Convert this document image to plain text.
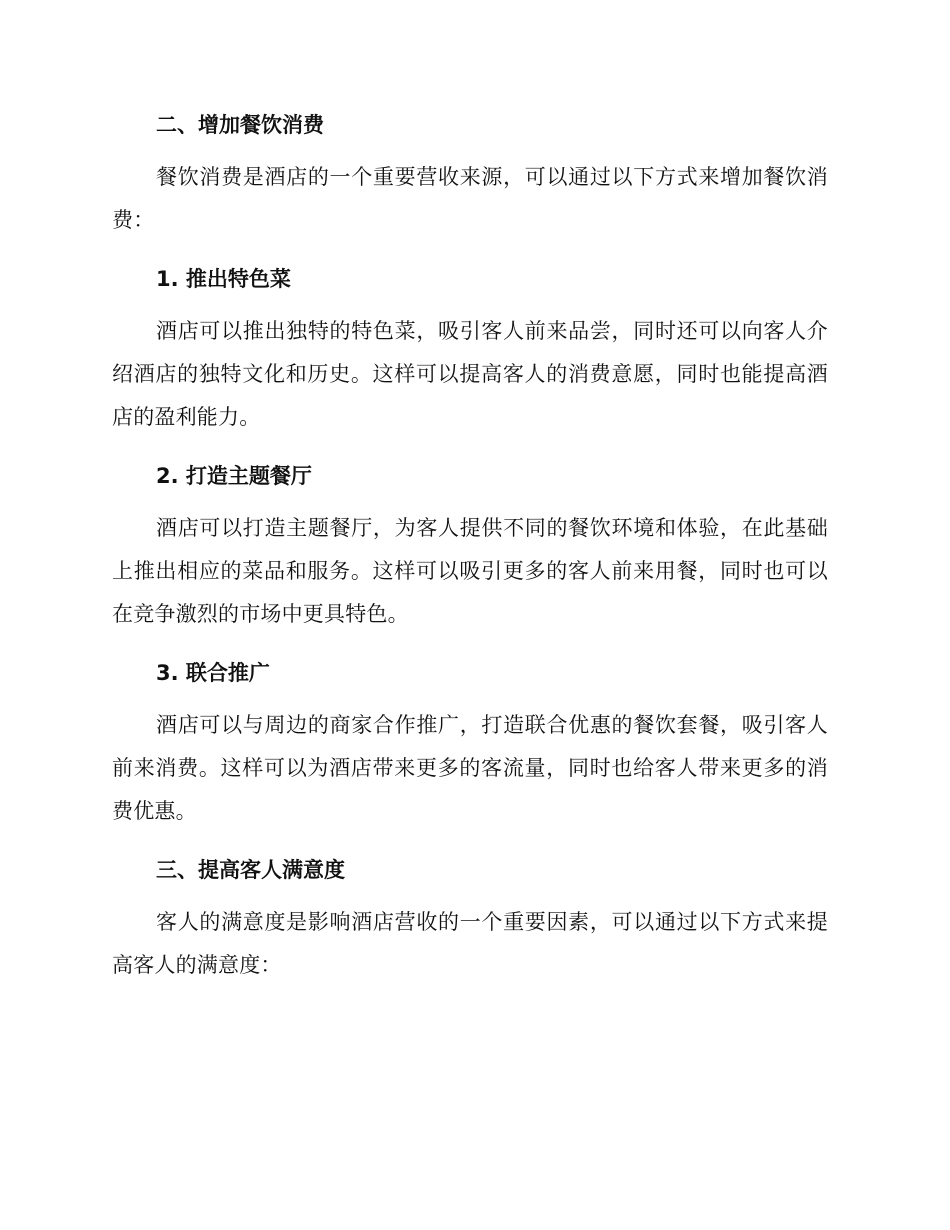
二、增加餐饮消费

餐饮消费是酒店的一个重要营收来源，可以通过以下方式来增加餐饮消费：

1. 推出特色菜

酒店可以推出独特的特色菜，吸引客人前来品尝，同时还可以向客人介绍酒店的独特文化和历史。这样可以提高客人的消费意愿，同时也能提高酒店的盈利能力。

2. 打造主题餐厅

酒店可以打造主题餐厅，为客人提供不同的餐饮环境和体验，在此基础上推出相应的菜品和服务。这样可以吸引更多的客人前来用餐，同时也可以在竞争激烈的市场中更具特色。

3. 联合推广

酒店可以与周边的商家合作推广，打造联合优惠的餐饮套餐，吸引客人前来消费。这样可以为酒店带来更多的客流量，同时也给客人带来更多的消费优惠。

三、提高客人满意度

客人的满意度是影响酒店营收的一个重要因素，可以通过以下方式来提高客人的满意度：
